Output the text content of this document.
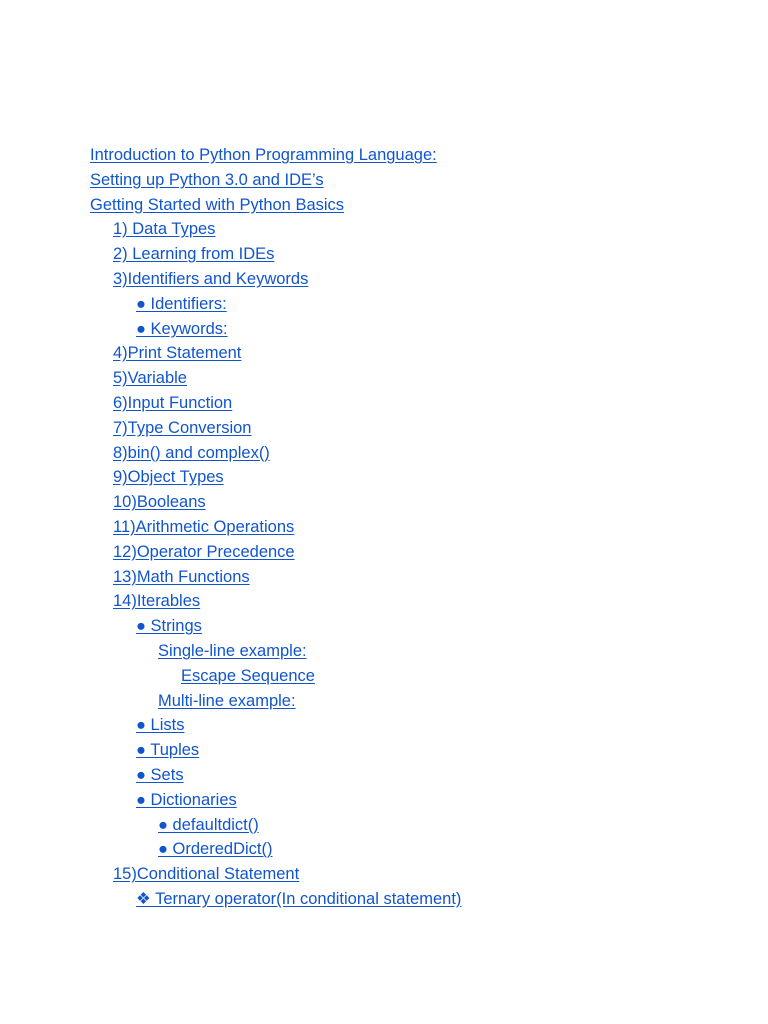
Introduction to Python Programming Language:
Setting up Python 3.0 and IDE’s
Getting Started with Python Basics
1) Data Types
2) Learning from IDEs
3)Identifiers and Keywords
● Identifiers:
● Keywords:
4)Print Statement
5)Variable
6)Input Function
7)Type Conversion
8)bin() and complex()
9)Object Types
10)Booleans
11)Arithmetic Operations
12)Operator Precedence
13)Math Functions
14)Iterables
● Strings
Single-line example:
Escape Sequence
Multi-line example:
● Lists
● Tuples
● Sets
● Dictionaries
● defaultdict()
● OrderedDict()
15)Conditional Statement
❖ Ternary operator(In conditional statement)
